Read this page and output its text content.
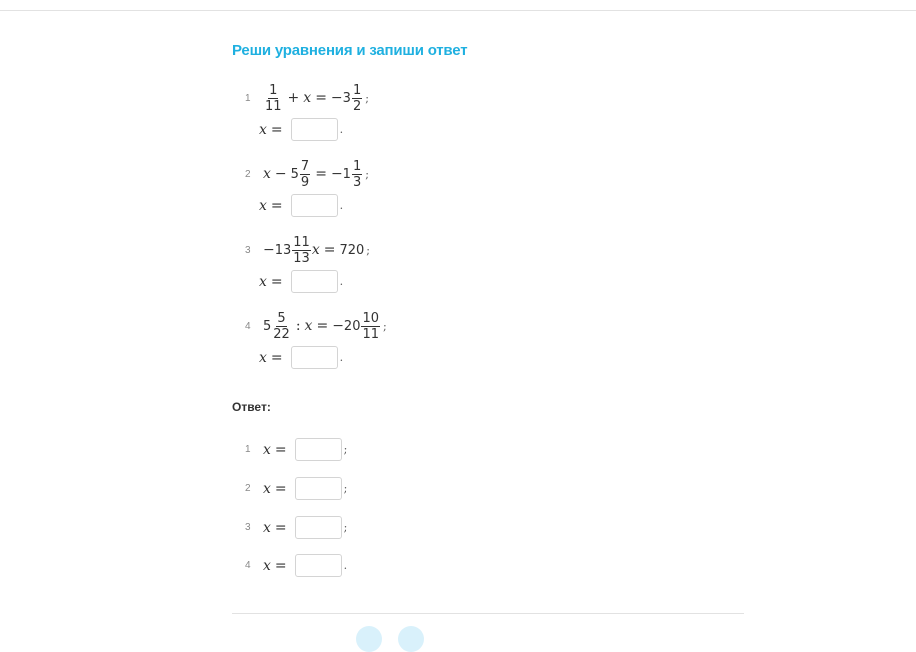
Реши уравнения и запиши ответ
$1 \frac{1}{11} + x$ = − $3 \frac{1}{2}$ ;
x =	.
2 $x - 5 \frac{7}{9}$ = − $1 \frac{1}{3}$ ;
x =	.
$3 - 13 \frac{11}{13}$ x = 720 ;
x =	.
4 $5 \frac{5}{22}$ : x = − $20 \frac{10}{11}$ ;
x =	.
Ответ:
1 x =	;
2 x =	;
3 x =	;
4 x =	.
